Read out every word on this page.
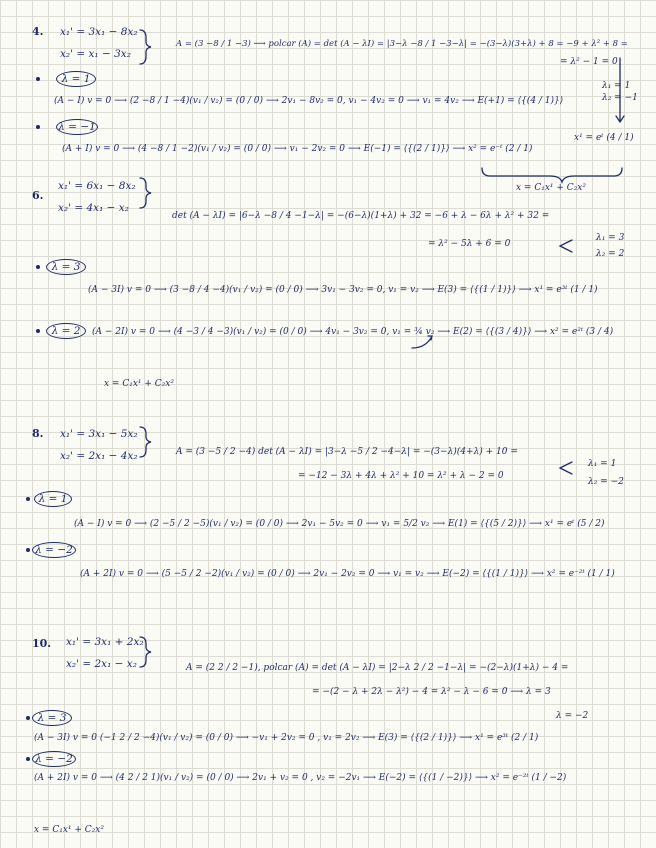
4. x₁' = 3x₁ − 8x₂
x₂' = x₁ − 3x₂
A = (3 −8 / 1 −3) ⟶ polcar (A) = det (A − λI) = |3−λ −8 / 1 −3−λ| = −(3−λ)(3+λ) + 8 = −9 + λ² + 8 =
= λ² − 1 = 0
λ₁ = 1
λ₂ = −1
λ = 1
(A − I) v = 0 ⟶ (2 −8 / 1 −4)(v₁ / v₂) = (0 / 0) ⟶ 2v₁ − 8v₂ = 0, v₁ − 4v₂ = 0 ⟶ v₁ = 4v₂ ⟶ E(+1) = ⟨{(4 / 1)}⟩
λ = −1
(A + I) v = 0 ⟶ (4 −8 / 1 −2)(v₁ / v₂) = (0 / 0) ⟶ v₁ − 2v₂ = 0 ⟶ E(−1) = ⟨{(2 / 1)}⟩ ⟶ x² = e⁻ᵗ (2 / 1)
x¹ = eᵗ (4 / 1)
x = C₁x¹ + C₂x²
6.
x₁' = 6x₁ − 8x₂
x₂' = 4x₁ − x₂
det (A − λI) = |6−λ −8 / 4 −1−λ| = −(6−λ)(1+λ) + 32 = −6 + λ − 6λ + λ² + 32 =
= λ² − 5λ + 6 = 0
λ₁ = 3
λ₂ = 2
λ = 3
(A − 3I) v = 0 ⟶ (3 −8 / 4 −4)(v₁ / v₂) = (0 / 0) ⟶ 3v₁ − 3v₂ = 0, v₁ = v₂ ⟶ E(3) = ⟨{(1 / 1)}⟩ ⟶ x¹ = e³ᵗ (1 / 1)
λ = 2	(A − 2I) v = 0 ⟶ (4 −3 / 4 −3)(v₁ / v₂) = (0 / 0) ⟶ 4v₁ − 3v₂ = 0, v₁ = ¾ v₂ ⟶ E(2) = ⟨{(3 / 4)}⟩ ⟶ x² = e²ᵗ (3 / 4)
x = C₁x¹ + C₂x²
8. x₁' = 3x₁ − 5x₂
x₂' = 2x₁ − 4x₂	A = (3 −5 / 2 −4) det (A − λI) = |3−λ −5 / 2 −4−λ| = −(3−λ)(4+λ) + 10 =
= −12 − 3λ + 4λ + λ² + 10 = λ² + λ − 2 = 0
λ₁ = 1
λ₂ = −2
λ = 1
(A − I) v = 0 ⟶ (2 −5 / 2 −5)(v₁ / v₂) = (0 / 0) ⟶ 2v₁ − 5v₂ = 0 ⟶ v₁ = 5/2 v₂ ⟶ E(1) = ⟨{(5 / 2)}⟩ ⟶ x¹ = eᵗ (5 / 2)
λ = −2
(A + 2I) v = 0 ⟶ (5 −5 / 2 −2)(v₁ / v₂) = (0 / 0) ⟶ 2v₁ − 2v₂ = 0 ⟶ v₁ = v₂ ⟶ E(−2) = ⟨{(1 / 1)}⟩ ⟶ x² = e⁻²ᵗ (1 / 1)
10. x₁' = 3x₁ + 2x₂
x₂' = 2x₁ − x₂	A = (2 2 / 2 −1), polcar (A) = det (A − λI) = |2−λ 2 / 2 −1−λ| = −(2−λ)(1+λ) − 4 =
= −(2 − λ + 2λ − λ²) − 4 = λ² − λ − 6 = 0 ⟶ λ = 3
λ = −2
λ = 3
(A − 3I) v = 0 (−1 2 / 2 −4)(v₁ / v₂) = (0 / 0) ⟶ −v₁ + 2v₂ = 0 , v₁ = 2v₂ ⟶ E(3) = ⟨{(2 / 1)}⟩ ⟶ x¹ = e³ᵗ (2 / 1)
λ = −2
(A + 2I) v = 0 ⟶ (4 2 / 2 1)(v₁ / v₂) = (0 / 0) ⟶ 2v₁ + v₂ = 0 , v₂ = −2v₁ ⟶ E(−2) = ⟨{(1 / −2)}⟩ ⟶ x² = e⁻²ᵗ (1 / −2)
x = C₁x¹ + C₂x²
